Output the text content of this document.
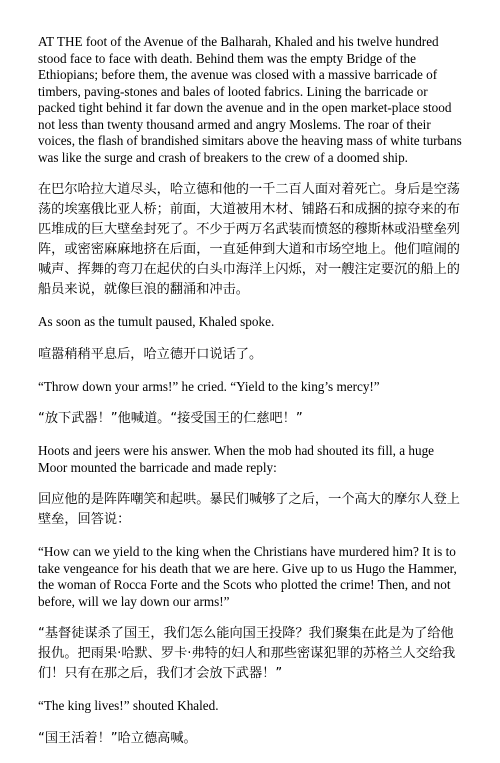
AT THE foot of the Avenue of the Balharah, Khaled and his twelve hundred stood face to face with death. Behind them was the empty Bridge of the Ethiopians; before them, the avenue was closed with a massive barricade of timbers, paving-stones and bales of looted fabrics. Lining the barricade or packed tight behind it far down the avenue and in the open market-place stood not less than twenty thousand armed and angry Moslems. The roar of their voices, the flash of brandished simitars above the heaving mass of white turbans was like the surge and crash of breakers to the crew of a doomed ship.

在巴尔哈拉大道尽头，哈立德和他的一千二百人面对着死亡。身后是空荡荡的埃塞俄比亚人桥；前面，大道被用木材、铺路石和成捆的掠夺来的布匹堆成的巨大壁垒封死了。不少于两万名武装而愤怒的穆斯林或沿壁垒列阵，或密密麻麻地挤在后面，一直延伸到大道和市场空地上。他们喧闹的喊声、挥舞的弯刀在起伏的白头巾海洋上闪烁，对一艘注定要沉的船上的船员来说，就像巨浪的翻涌和冲击。

As soon as the tumult paused, Khaled spoke.

喧嚣稍稍平息后，哈立德开口说话了。

“Throw down your arms!” he cried. “Yield to the king’s mercy!”

“放下武器！”他喊道。“接受国王的仁慈吧！”

Hoots and jeers were his answer. When the mob had shouted its fill, a huge Moor mounted the barricade and made reply:

回应他的是阵阵嘲笑和起哄。暴民们喊够了之后，一个高大的摩尔人登上壁垒，回答说：

“How can we yield to the king when the Christians have murdered him? It is to take vengeance for his death that we are here. Give up to us Hugo the Hammer, the woman of Rocca Forte and the Scots who plotted the crime! Then, and not before, will we lay down our arms!”

“基督徒谋杀了国王，我们怎么能向国王投降？我们聚集在此是为了给他报仇。把雨果·哈默、罗卡·弗特的妇人和那些密谋犯罪的苏格兰人交给我们！只有在那之后，我们才会放下武器！”

“The king lives!” shouted Khaled.

“国王活着！”哈立德高喊。
